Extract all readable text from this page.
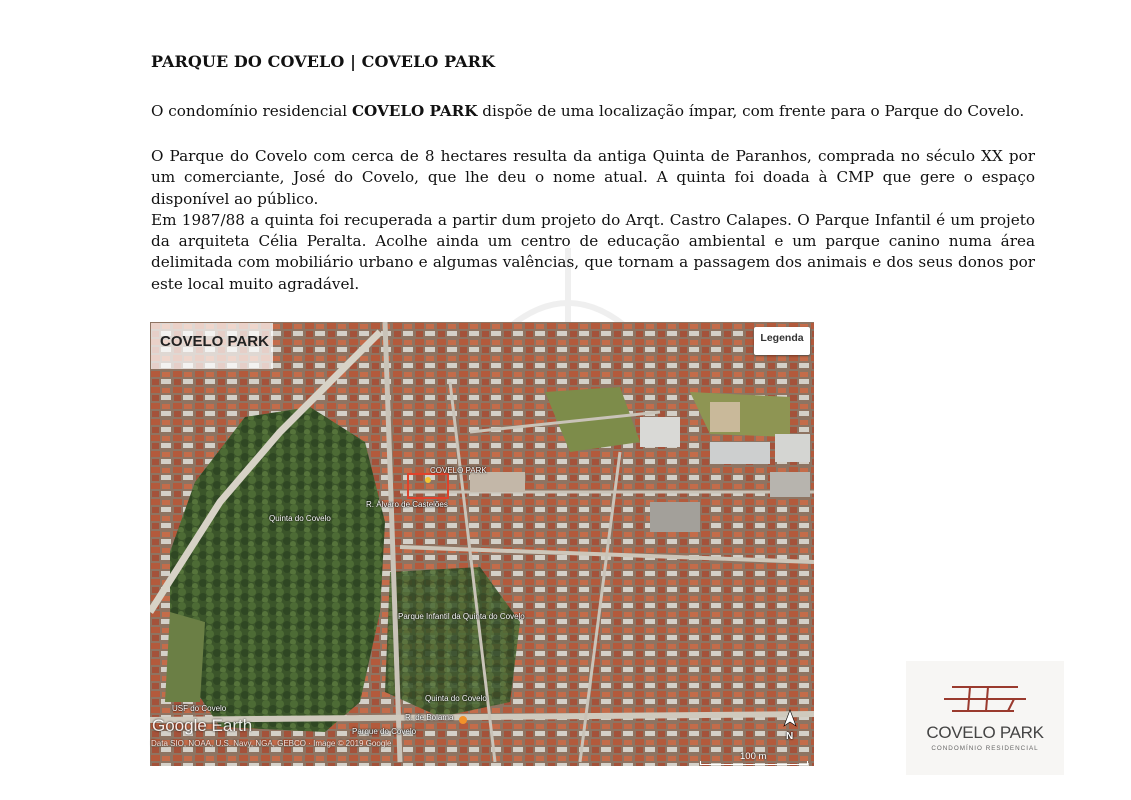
PARQUE DO COVELO | COVELO PARK
O condomínio residencial COVELO PARK dispõe de uma localização ímpar, com frente para o Parque do Covelo.
O Parque do Covelo com cerca de 8 hectares resulta da antiga Quinta de Paranhos, comprada no século XX por um comerciante, José do Covelo, que lhe deu o nome atual. A quinta foi doada à CMP que gere o espaço disponível ao público.
Em 1987/88 a quinta foi recuperada a partir dum projeto do Arqt. Castro Calapes. O Parque Infantil é um projeto da arquiteta Célia Peralta. Acolhe ainda um centro de educação ambiental e um parque canino numa área delimitada com mobiliário urbano e algumas valências, que tornam a passagem dos animais e dos seus donos por este local muito agradável.
COVELO PARK	Legenda
Quinta do Covelo
R. Álvaro de Castelões
COVELO PARK
Parque Infantil da Quinta do Covelo
Quinta do Covelo
USF do Covelo
Parque do Covelo
R. de Bolama
Google Earth
Data SIO, NOAA, U.S. Navy, NGA, GEBCO · Image © 2019 Google
N
100 m
COVELO PARK
CONDOMÍNIO RESIDENCIAL
